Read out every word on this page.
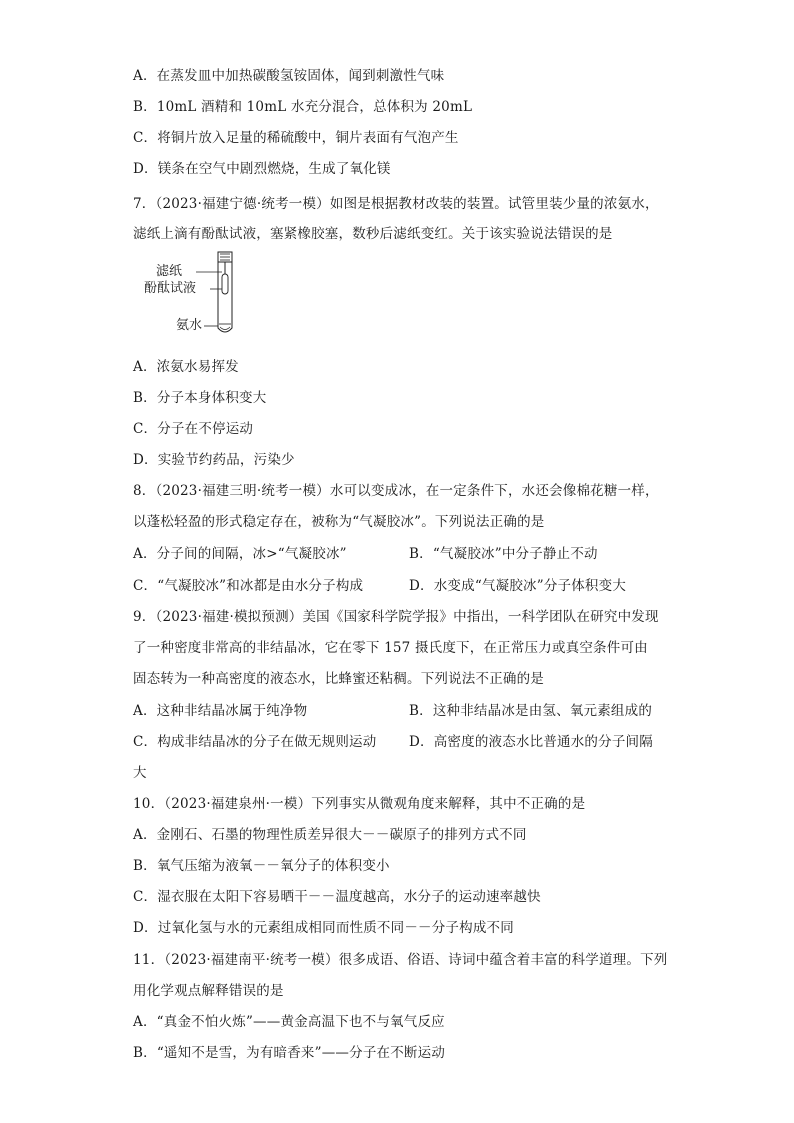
A．在蒸发皿中加热碳酸氢铵固体，闻到刺激性气味
B．10mL 酒精和 10mL 水充分混合，总体积为 20mL
C．将铜片放入足量的稀硫酸中，铜片表面有气泡产生
D．镁条在空气中剧烈燃烧，生成了氧化镁
7．（2023·福建宁德·统考一模）如图是根据教材改装的装置。试管里装少量的浓氨水，
滤纸上滴有酚酞试液，塞紧橡胶塞，数秒后滤纸变红。关于该实验说法错误的是
滤纸
酚酞试液
氨水
A．浓氨水易挥发
B．分子本身体积变大
C．分子在不停运动
D．实验节约药品，污染少
8．（2023·福建三明·统考一模）水可以变成冰，在一定条件下，水还会像棉花糖一样，
以蓬松轻盈的形式稳定存在，被称为“气凝胶冰”。下列说法正确的是
A．分子间的间隔，冰>“气凝胶冰”	B．“气凝胶冰”中分子静止不动
C．“气凝胶冰”和冰都是由水分子构成	D．水变成“气凝胶冰”分子体积变大
9．（2023·福建·模拟预测）美国《国家科学院学报》中指出，一科学团队在研究中发现
了一种密度非常高的非结晶冰，它在零下 157 摄氏度下，在正常压力或真空条件可由
固态转为一种高密度的液态水，比蜂蜜还粘稠。下列说法不正确的是
A．这种非结晶冰属于纯净物	B．这种非结晶冰是由氢、氧元素组成的
C．构成非结晶冰的分子在做无规则运动 D．高密度的液态水比普通水的分子间隔
大
10．（2023·福建泉州·一模）下列事实从微观角度来解释，其中不正确的是
A．金刚石、石墨的物理性质差异很大－－碳原子的排列方式不同
B．氧气压缩为液氧－－氧分子的体积变小
C．湿衣服在太阳下容易晒干－－温度越高，水分子的运动速率越快
D．过氧化氢与水的元素组成相同而性质不同－－分子构成不同
11．（2023·福建南平·统考一模）很多成语、俗语、诗词中蕴含着丰富的科学道理。下列
用化学观点解释错误的是
A．“真金不怕火炼”——黄金高温下也不与氧气反应
B．“遥知不是雪，为有暗香来”——分子在不断运动
